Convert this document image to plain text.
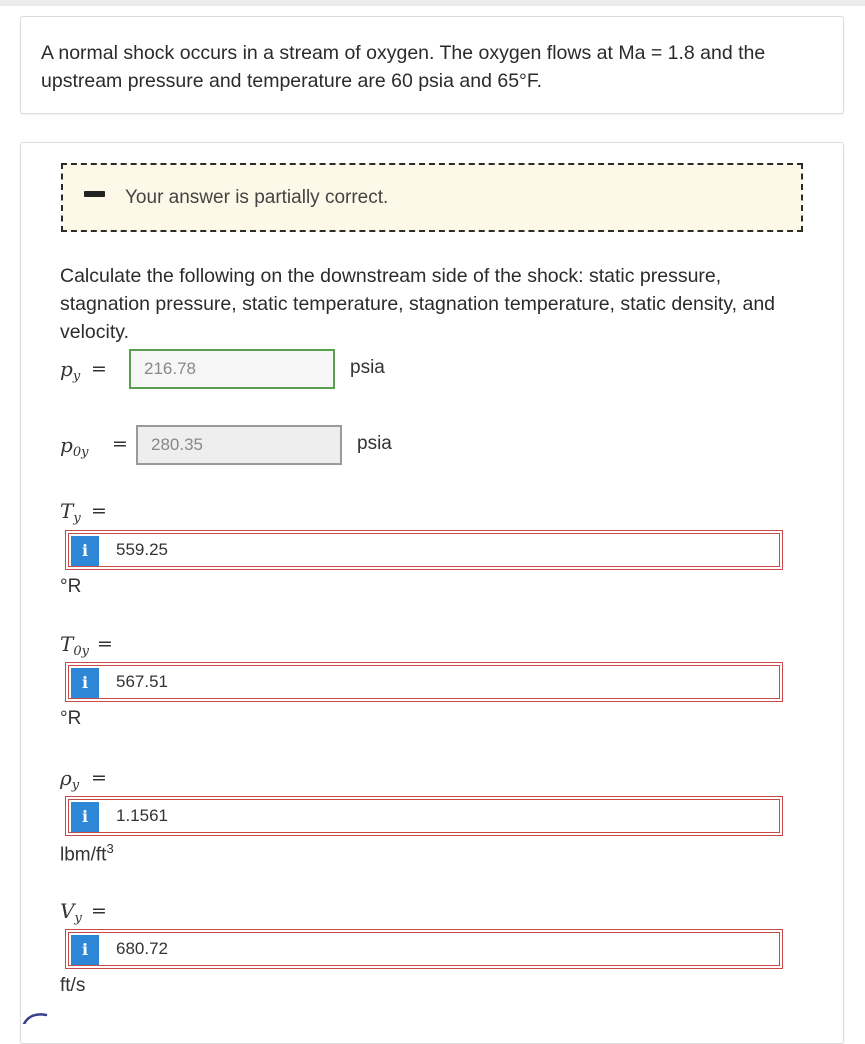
A normal shock occurs in a stream of oxygen. The oxygen flows at Ma = 1.8 and the
upstream pressure and temperature are 60 psia and 65°F.
Your answer is partially correct.
Calculate the following on the downstream side of the shock: static pressure,
stagnation pressure, static temperature, stagnation temperature, static density, and
velocity.
$p_y$ =	216.78	psia
$p_{0y}$ =	280.35	psia
$T_y$ =
i	559.25
°R
$T_{0y}$ =
i	567.51
°R
$\rho_y$ =
i	1.1561
lbm/$ft^3$
$V_y$ =
i	680.72
ft/s
